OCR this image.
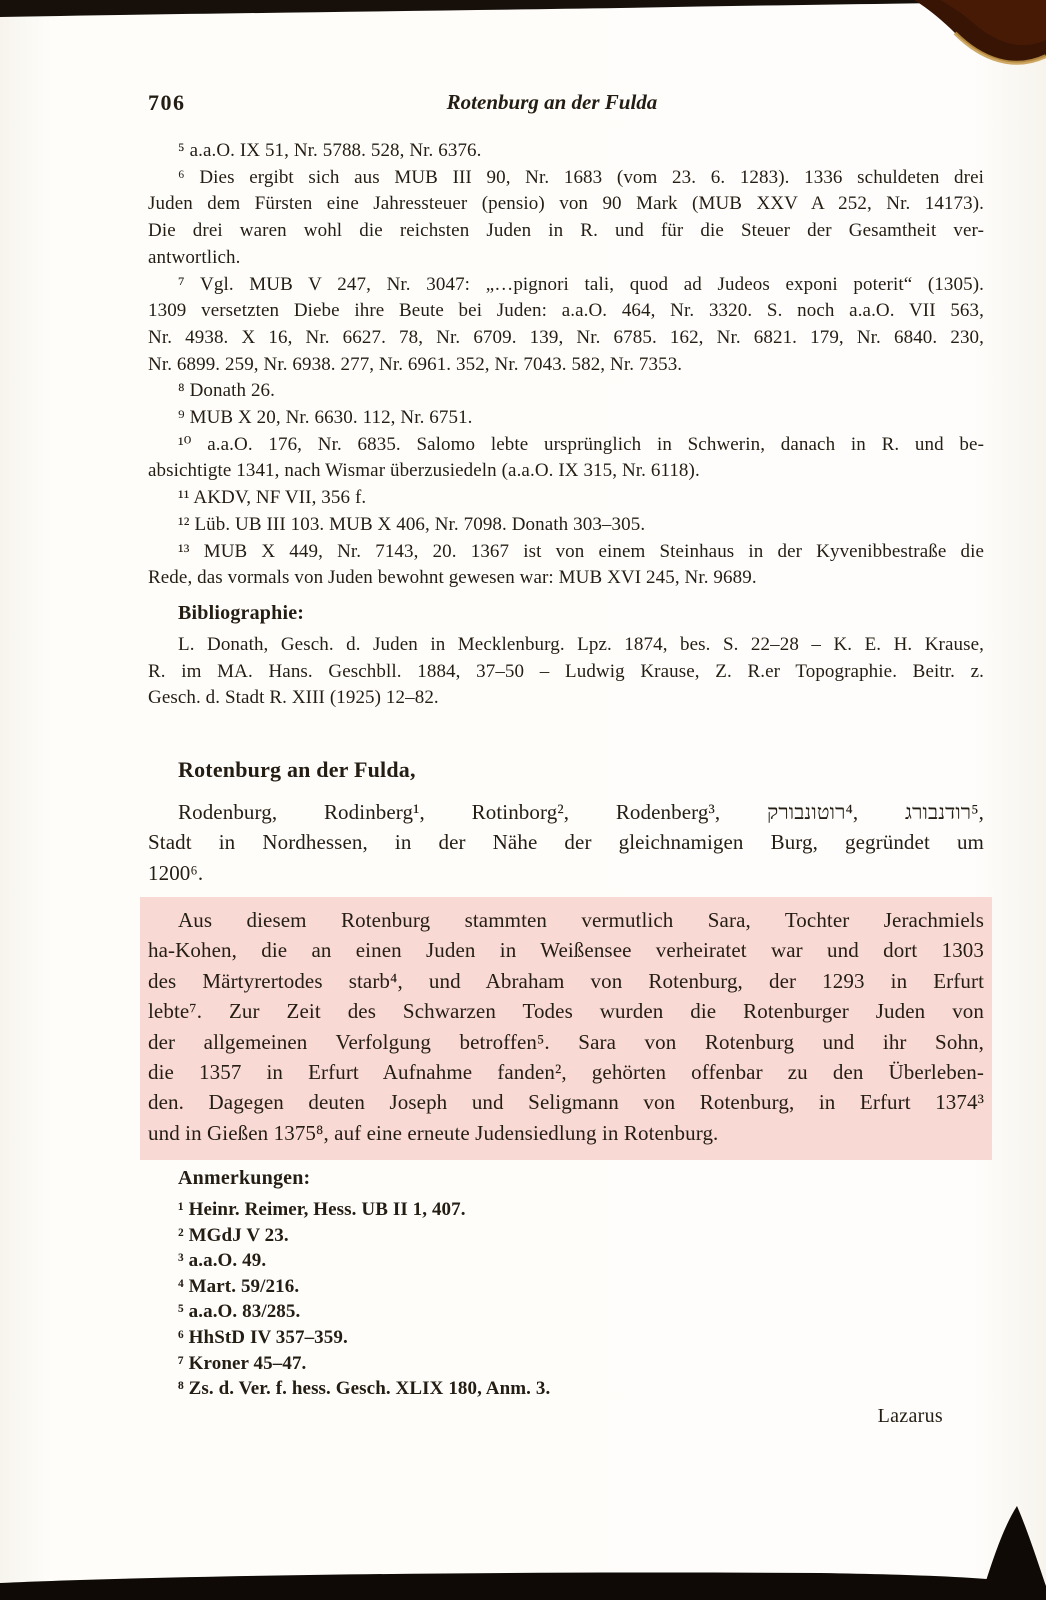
706	Rotenburg an der Fulda
⁵ a.a.O. IX 51, Nr. 5788. 528, Nr. 6376.
⁶ Dies ergibt sich aus MUB III 90, Nr. 1683 (vom 23. 6. 1283). 1336 schuldeten drei
Juden dem Fürsten eine Jahressteuer (pensio) von 90 Mark (MUB XXV A 252, Nr. 14173).
Die drei waren wohl die reichsten Juden in R. und für die Steuer der Gesamtheit ver-
antwortlich.
⁷ Vgl. MUB V 247, Nr. 3047: „…pignori tali, quod ad Judeos exponi poterit“ (1305).
1309 versetzten Diebe ihre Beute bei Juden: a.a.O. 464, Nr. 3320. S. noch a.a.O. VII 563,
Nr. 4938. X 16, Nr. 6627. 78, Nr. 6709. 139, Nr. 6785. 162, Nr. 6821. 179, Nr. 6840. 230,
Nr. 6899. 259, Nr. 6938. 277, Nr. 6961. 352, Nr. 7043. 582, Nr. 7353.
⁸ Donath 26.
⁹ MUB X 20, Nr. 6630. 112, Nr. 6751.
¹⁰ a.a.O. 176, Nr. 6835. Salomo lebte ursprünglich in Schwerin, danach in R. und be-
absichtigte 1341, nach Wismar überzusiedeln (a.a.O. IX 315, Nr. 6118).
¹¹ AKDV, NF VII, 356 f.
¹² Lüb. UB III 103. MUB X 406, Nr. 7098. Donath 303–305.
¹³ MUB X 449, Nr. 7143, 20. 1367 ist von einem Steinhaus in der Kyvenibbestraße die
Rede, das vormals von Juden bewohnt gewesen war: MUB XVI 245, Nr. 9689.
Bibliographie:
L. Donath, Gesch. d. Juden in Mecklenburg. Lpz. 1874, bes. S. 22–28 – K. E. H. Krause,
R. im MA. Hans. Geschbll. 1884, 37–50 – Ludwig Krause, Z. R.er Topographie. Beitr. z.
Gesch. d. Stadt R. XIII (1925) 12–82.
Rotenburg an der Fulda,
Rodenburg, Rodinberg¹, Rotinborg², Rodenberg³, רוטונבורק‎⁴, רודנבורג‎⁵,
Stadt in Nordhessen, in der Nähe der gleichnamigen Burg, gegründet um
1200⁶.
Aus diesem Rotenburg stammten vermutlich Sara, Tochter Jerachmiels
ha-Kohen, die an einen Juden in Weißensee verheiratet war und dort 1303
des Märtyrertodes starb⁴, und Abraham von Rotenburg, der 1293 in Erfurt
lebte⁷. Zur Zeit des Schwarzen Todes wurden die Rotenburger Juden von
der allgemeinen Verfolgung betroffen⁵. Sara von Rotenburg und ihr Sohn,
die 1357 in Erfurt Aufnahme fanden², gehörten offenbar zu den Überleben-
den. Dagegen deuten Joseph und Seligmann von Rotenburg, in Erfurt 1374³
und in Gießen 1375⁸, auf eine erneute Judensiedlung in Rotenburg.
Anmerkungen:
¹ Heinr. Reimer, Hess. UB II 1, 407.
² MGdJ V 23.
³ a.a.O. 49.
⁴ Mart. 59/216.
⁵ a.a.O. 83/285.
⁶ HhStD IV 357–359.
⁷ Kroner 45–47.
⁸ Zs. d. Ver. f. hess. Gesch. XLIX 180, Anm. 3.
Lazarus
